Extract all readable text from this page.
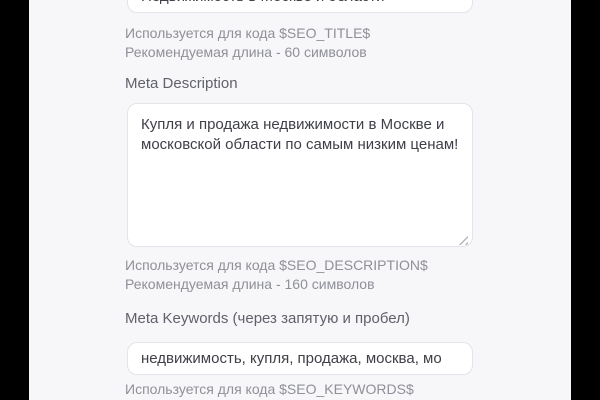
Недвижимость в Москве и области
Используется для кода $SEO_TITLE$
Рекомендуемая длина - 60 символов
Meta Description
Купля и продажа недвижимости в Москве и московской области по самым низким ценам!
Используется для кода $SEO_DESCRIPTION$
Рекомендуемая длина - 160 символов
Meta Keywords (через запятую и пробел)
недвижимость, купля, продажа, москва, мо
Используется для кода $SEO_KEYWORDS$
